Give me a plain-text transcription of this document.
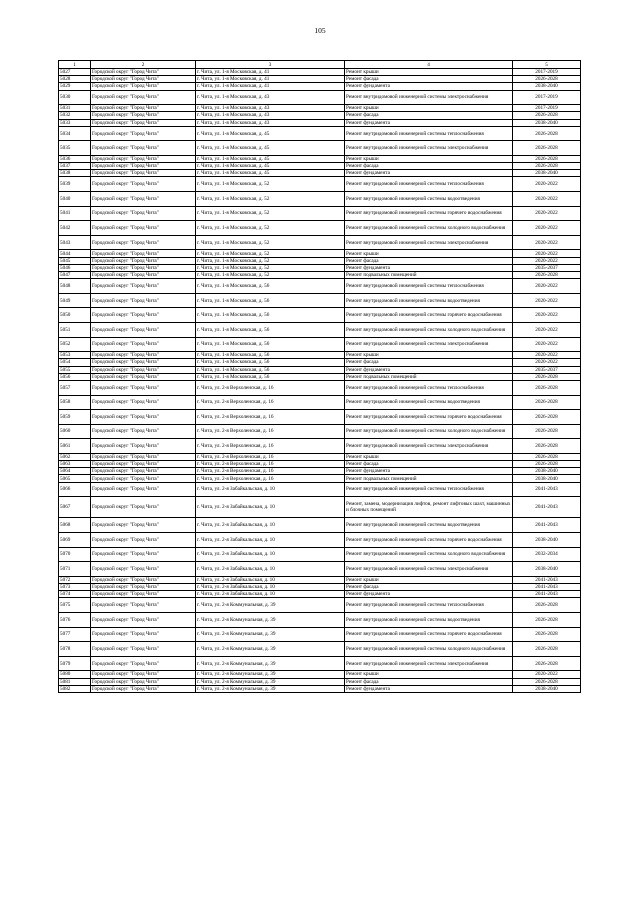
105
1	2	3	4	5
5027	Городской округ "Город Чита"	г. Чита, ул. 1-я Московская, д. 41	Ремонт крыши	2017-2019
5028	Городской округ "Город Чита"	г. Чита, ул. 1-я Московская, д. 41	Ремонт фасада	2026-2028
5029	Городской округ "Город Чита"	г. Чита, ул. 1-я Московская, д. 41	Ремонт фундамента	2038-2040
5030	Городской округ "Город Чита"	г. Чита, ул. 1-я Московская, д. 43	Ремонт внутридомовой инженерной системы электроснабжения	2017-2019
5031	Городской округ "Город Чита"	г. Чита, ул. 1-я Московская, д. 43	Ремонт крыши	2017-2019
5032	Городской округ "Город Чита"	г. Чита, ул. 1-я Московская, д. 43	Ремонт фасада	2026-2028
5033	Городской округ "Город Чита"	г. Чита, ул. 1-я Московская, д. 43	Ремонт фундамента	2038-2040
5034	Городской округ "Город Чита"	г. Чита, ул. 1-я Московская, д. 45	Ремонт внутридомовой инженерной системы теплоснабжения	2026-2028
5035	Городской округ "Город Чита"	г. Чита, ул. 1-я Московская, д. 45	Ремонт внутридомовой инженерной системы электроснабжения	2026-2028
5036	Городской округ "Город Чита"	г. Чита, ул. 1-я Московская, д. 45	Ремонт крыши	2026-2028
5037	Городской округ "Город Чита"	г. Чита, ул. 1-я Московская, д. 45	Ремонт фасада	2026-2028
5038	Городской округ "Город Чита"	г. Чита, ул. 1-я Московская, д. 45	Ремонт фундамента	2038-2040
5039	Городской округ "Город Чита"	г. Чита, ул. 1-я Московская, д. 52	Ремонт внутридомовой инженерной системы теплоснабжения	2020-2022
5040	Городской округ "Город Чита"	г. Чита, ул. 1-я Московская, д. 52	Ремонт внутридомовой инженерной системы водоотведения	2020-2022
5041	Городской округ "Город Чита"	г. Чита, ул. 1-я Московская, д. 52	Ремонт внутридомовой инженерной системы горячего водоснабжения	2020-2022
5042	Городской округ "Город Чита"	г. Чита, ул. 1-я Московская, д. 52	Ремонт внутридомовой инженерной системы холодного водоснабжения	2020-2022
5043	Городской округ "Город Чита"	г. Чита, ул. 1-я Московская, д. 52	Ремонт внутридомовой инженерной системы электроснабжения	2020-2022
5044	Городской округ "Город Чита"	г. Чита, ул. 1-я Московская, д. 52	Ремонт крыши	2020-2022
5045	Городской округ "Город Чита"	г. Чита, ул. 1-я Московская, д. 52	Ремонт фасада	2020-2022
5046	Городской округ "Город Чита"	г. Чита, ул. 1-я Московская, д. 52	Ремонт фундамента	2035-2037
5047	Городской округ "Город Чита"	г. Чита, ул. 1-я Московская, д. 52	Ремонт подвальных помещений	2026-2028
5048	Городской округ "Город Чита"	г. Чита, ул. 1-я Московская, д. 56	Ремонт внутридомовой инженерной системы теплоснабжения	2020-2022
5049	Городской округ "Город Чита"	г. Чита, ул. 1-я Московская, д. 56	Ремонт внутридомовой инженерной системы водоотведения	2020-2022
5050	Городской округ "Город Чита"	г. Чита, ул. 1-я Московская, д. 56	Ремонт внутридомовой инженерной системы горячего водоснабжения	2020-2022
5051	Городской округ "Город Чита"	г. Чита, ул. 1-я Московская, д. 56	Ремонт внутридомовой инженерной системы холодного водоснабжения	2020-2022
5052	Городской округ "Город Чита"	г. Чита, ул. 1-я Московская, д. 56	Ремонт внутридомовой инженерной системы электроснабжения	2020-2022
5053	Городской округ "Город Чита"	г. Чита, ул. 1-я Московская, д. 56	Ремонт крыши	2020-2022
5054	Городской округ "Город Чита"	г. Чита, ул. 1-я Московская, д. 56	Ремонт фасада	2020-2022
5055	Городской округ "Город Чита"	г. Чита, ул. 1-я Московская, д. 56	Ремонт фундамента	2035-2037
5056	Городской округ "Город Чита"	г. Чита, ул. 1-я Московская, д. 56	Ремонт подвальных помещений	2026-2028
5057	Городской округ "Город Чита"	г. Чита, ул. 2-я Верхоленская, д. 16	Ремонт внутридомовой инженерной системы теплоснабжения	2026-2028
5058	Городской округ "Город Чита"	г. Чита, ул. 2-я Верхоленская, д. 16	Ремонт внутридомовой инженерной системы водоотведения	2026-2028
5059	Городской округ "Город Чита"	г. Чита, ул. 2-я Верхоленская, д. 16	Ремонт внутридомовой инженерной системы горячего водоснабжения	2026-2028
5060	Городской округ "Город Чита"	г. Чита, ул. 2-я Верхоленская, д. 16	Ремонт внутридомовой инженерной системы холодного водоснабжения	2026-2028
5061	Городской округ "Город Чита"	г. Чита, ул. 2-я Верхоленская, д. 16	Ремонт внутридомовой инженерной системы электроснабжения	2026-2028
5062	Городской округ "Город Чита"	г. Чита, ул. 2-я Верхоленская, д. 16	Ремонт крыши	2026-2028
5063	Городской округ "Город Чита"	г. Чита, ул. 2-я Верхоленская, д. 16	Ремонт фасада	2026-2028
5064	Городской округ "Город Чита"	г. Чита, ул. 2-я Верхоленская, д. 16	Ремонт фундамента	2038-2040
5065	Городской округ "Город Чита"	г. Чита, ул. 2-я Верхоленская, д. 16	Ремонт подвальных помещений	2038-2040
5066	Городской округ "Город Чита"	г. Чита, ул. 2-я Забайкальская, д. 10	Ремонт внутридомовой инженерной системы теплоснабжения	2041-2043
5067	Городской округ "Город Чита"	г. Чита, ул. 2-я Забайкальская, д. 10	Ремонт, замена, модернизация лифтов, ремонт лифтовых шахт, машинных и блочных помещений	2041-2043
5068	Городской округ "Город Чита"	г. Чита, ул. 2-я Забайкальская, д. 10	Ремонт внутридомовой инженерной системы водоотведения	2041-2043
5069	Городской округ "Город Чита"	г. Чита, ул. 2-я Забайкальская, д. 10	Ремонт внутридомовой инженерной системы горячего водоснабжения	2038-2040
5070	Городской округ "Город Чита"	г. Чита, ул. 2-я Забайкальская, д. 10	Ремонт внутридомовой инженерной системы холодного водоснабжения	2032-2034
5071	Городской округ "Город Чита"	г. Чита, ул. 2-я Забайкальская, д. 10	Ремонт внутридомовой инженерной системы электроснабжения	2038-2040
5072	Городской округ "Город Чита"	г. Чита, ул. 2-я Забайкальская, д. 10	Ремонт крыши	2041-2043
5073	Городской округ "Город Чита"	г. Чита, ул. 2-я Забайкальская, д. 10	Ремонт фасада	2041-2043
5074	Городской округ "Город Чита"	г. Чита, ул. 2-я Забайкальская, д. 10	Ремонт фундамента	2041-2043
5075	Городской округ "Город Чита"	г. Чита, ул. 2-я Коммунальная, д. 39	Ремонт внутридомовой инженерной системы теплоснабжения	2026-2028
5076	Городской округ "Город Чита"	г. Чита, ул. 2-я Коммунальная, д. 39	Ремонт внутридомовой инженерной системы водоотведения	2026-2028
5077	Городской округ "Город Чита"	г. Чита, ул. 2-я Коммунальная, д. 39	Ремонт внутридомовой инженерной системы горячего водоснабжения	2026-2028
5078	Городской округ "Город Чита"	г. Чита, ул. 2-я Коммунальная, д. 39	Ремонт внутридомовой инженерной системы холодного водоснабжения	2026-2028
5079	Городской округ "Город Чита"	г. Чита, ул. 2-я Коммунальная, д. 39	Ремонт внутридомовой инженерной системы электроснабжения	2026-2028
5080	Городской округ "Город Чита"	г. Чита, ул. 2-я Коммунальная, д. 39	Ремонт крыши	2020-2022
5081	Городской округ "Город Чита"	г. Чита, ул. 2-я Коммунальная, д. 39	Ремонт фасада	2026-2028
5082	Городской округ "Город Чита"	г. Чита, ул. 2-я Коммунальная, д. 39	Ремонт фундамента	2038-2040
